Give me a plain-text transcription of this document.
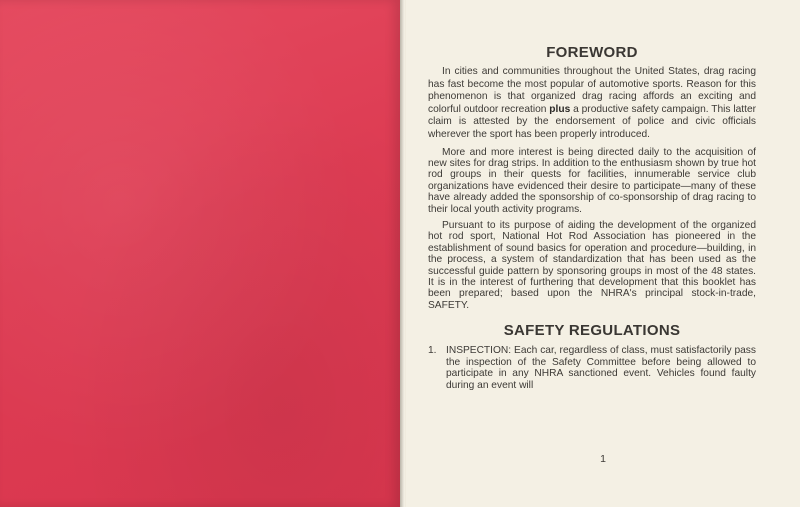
FOREWORD

In cities and communities throughout the United States, drag racing has fast become the most popular of automotive sports. Reason for this phenomenon is that organized drag racing affords an exciting and colorful outdoor recreation plus a productive safety campaign. This latter claim is attested by the endorsement of police and civic officials wherever the sport has been properly introduced.

More and more interest is being directed daily to the acquisition of new sites for drag strips. In addition to the enthusiasm shown by true hot rod groups in their quests for facilities, innumerable service club organizations have evidenced their desire to participate—many of these have already added the sponsorship of co-sponsorship of drag racing to their local youth activity programs.

Pursuant to its purpose of aiding the development of the organized hot rod sport, National Hot Rod Association has pioneered in the establishment of sound basics for operation and procedure—building, in the process, a system of standardization that has been used as the successful guide pattern by sponsoring groups in most of the 48 states. It is in the interest of furthering that development that this booklet has been prepared; based upon the NHRA's principal stock-in-trade, SAFETY.

SAFETY REGULATIONS
1. INSPECTION: Each car, regardless of class, must satisfactorily pass the inspection of the Safety Committee before being allowed to participate in any NHRA sanctioned event. Vehicles found faulty during an event will
1
